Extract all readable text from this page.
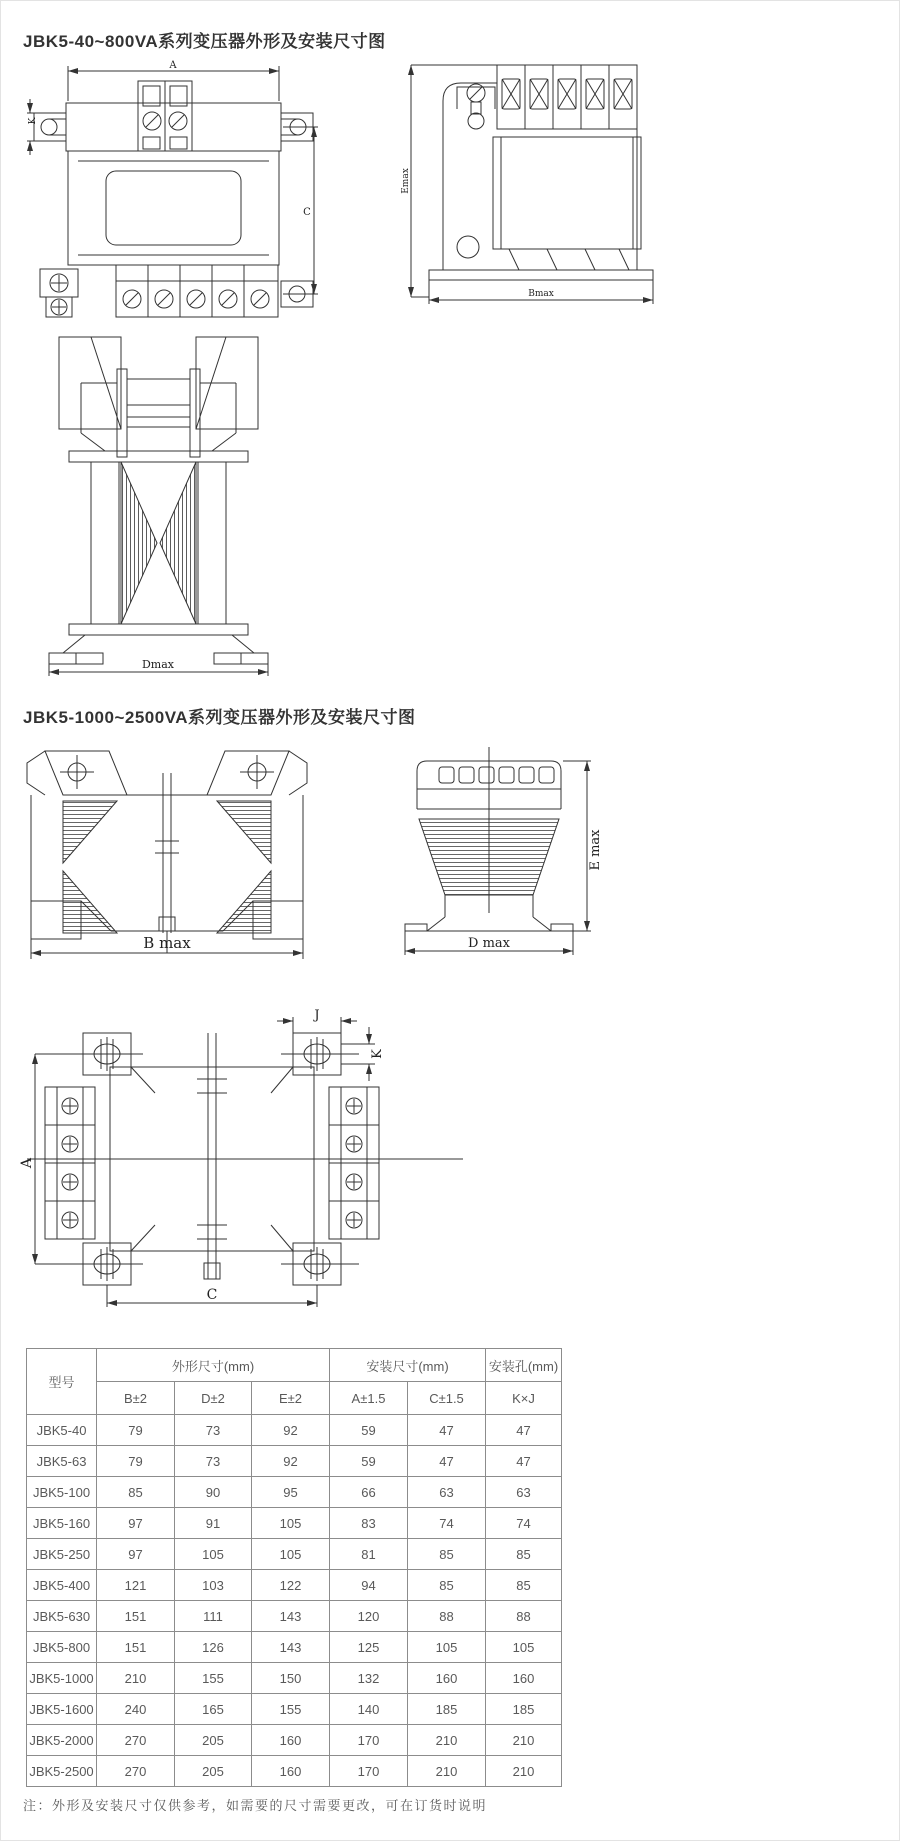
JBK5-40~800VA系列变压器外形及安装尺寸图
A
K
C
Emax
Bmax
Dmax
JBK5-1000~2500VA系列变压器外形及安装尺寸图
B max
E max
D max
J
K
A
C
型号	外形尺寸(mm)			安装尺寸(mm)		安装孔(mm)
	B±2	D±2	E±2	A±1.5	C±1.5	K×J
JBK5-40	79	73	92	59	47	47
JBK5-63	79	73	92	59	47	47
JBK5-100	85	90	95	66	63	63
JBK5-160	97	91	105	83	74	74
JBK5-250	97	105	105	81	85	85
JBK5-400	121	103	122	94	85	85
JBK5-630	151	111	143	120	88	88
JBK5-800	151	126	143	125	105	105
JBK5-1000	210	155	150	132	160	160
JBK5-1600	240	165	155	140	185	185
JBK5-2000	270	205	160	170	210	210
JBK5-2500	270	205	160	170	210	210
注：外形及安装尺寸仅供参考，如需要的尺寸需要更改，可在订货时说明
